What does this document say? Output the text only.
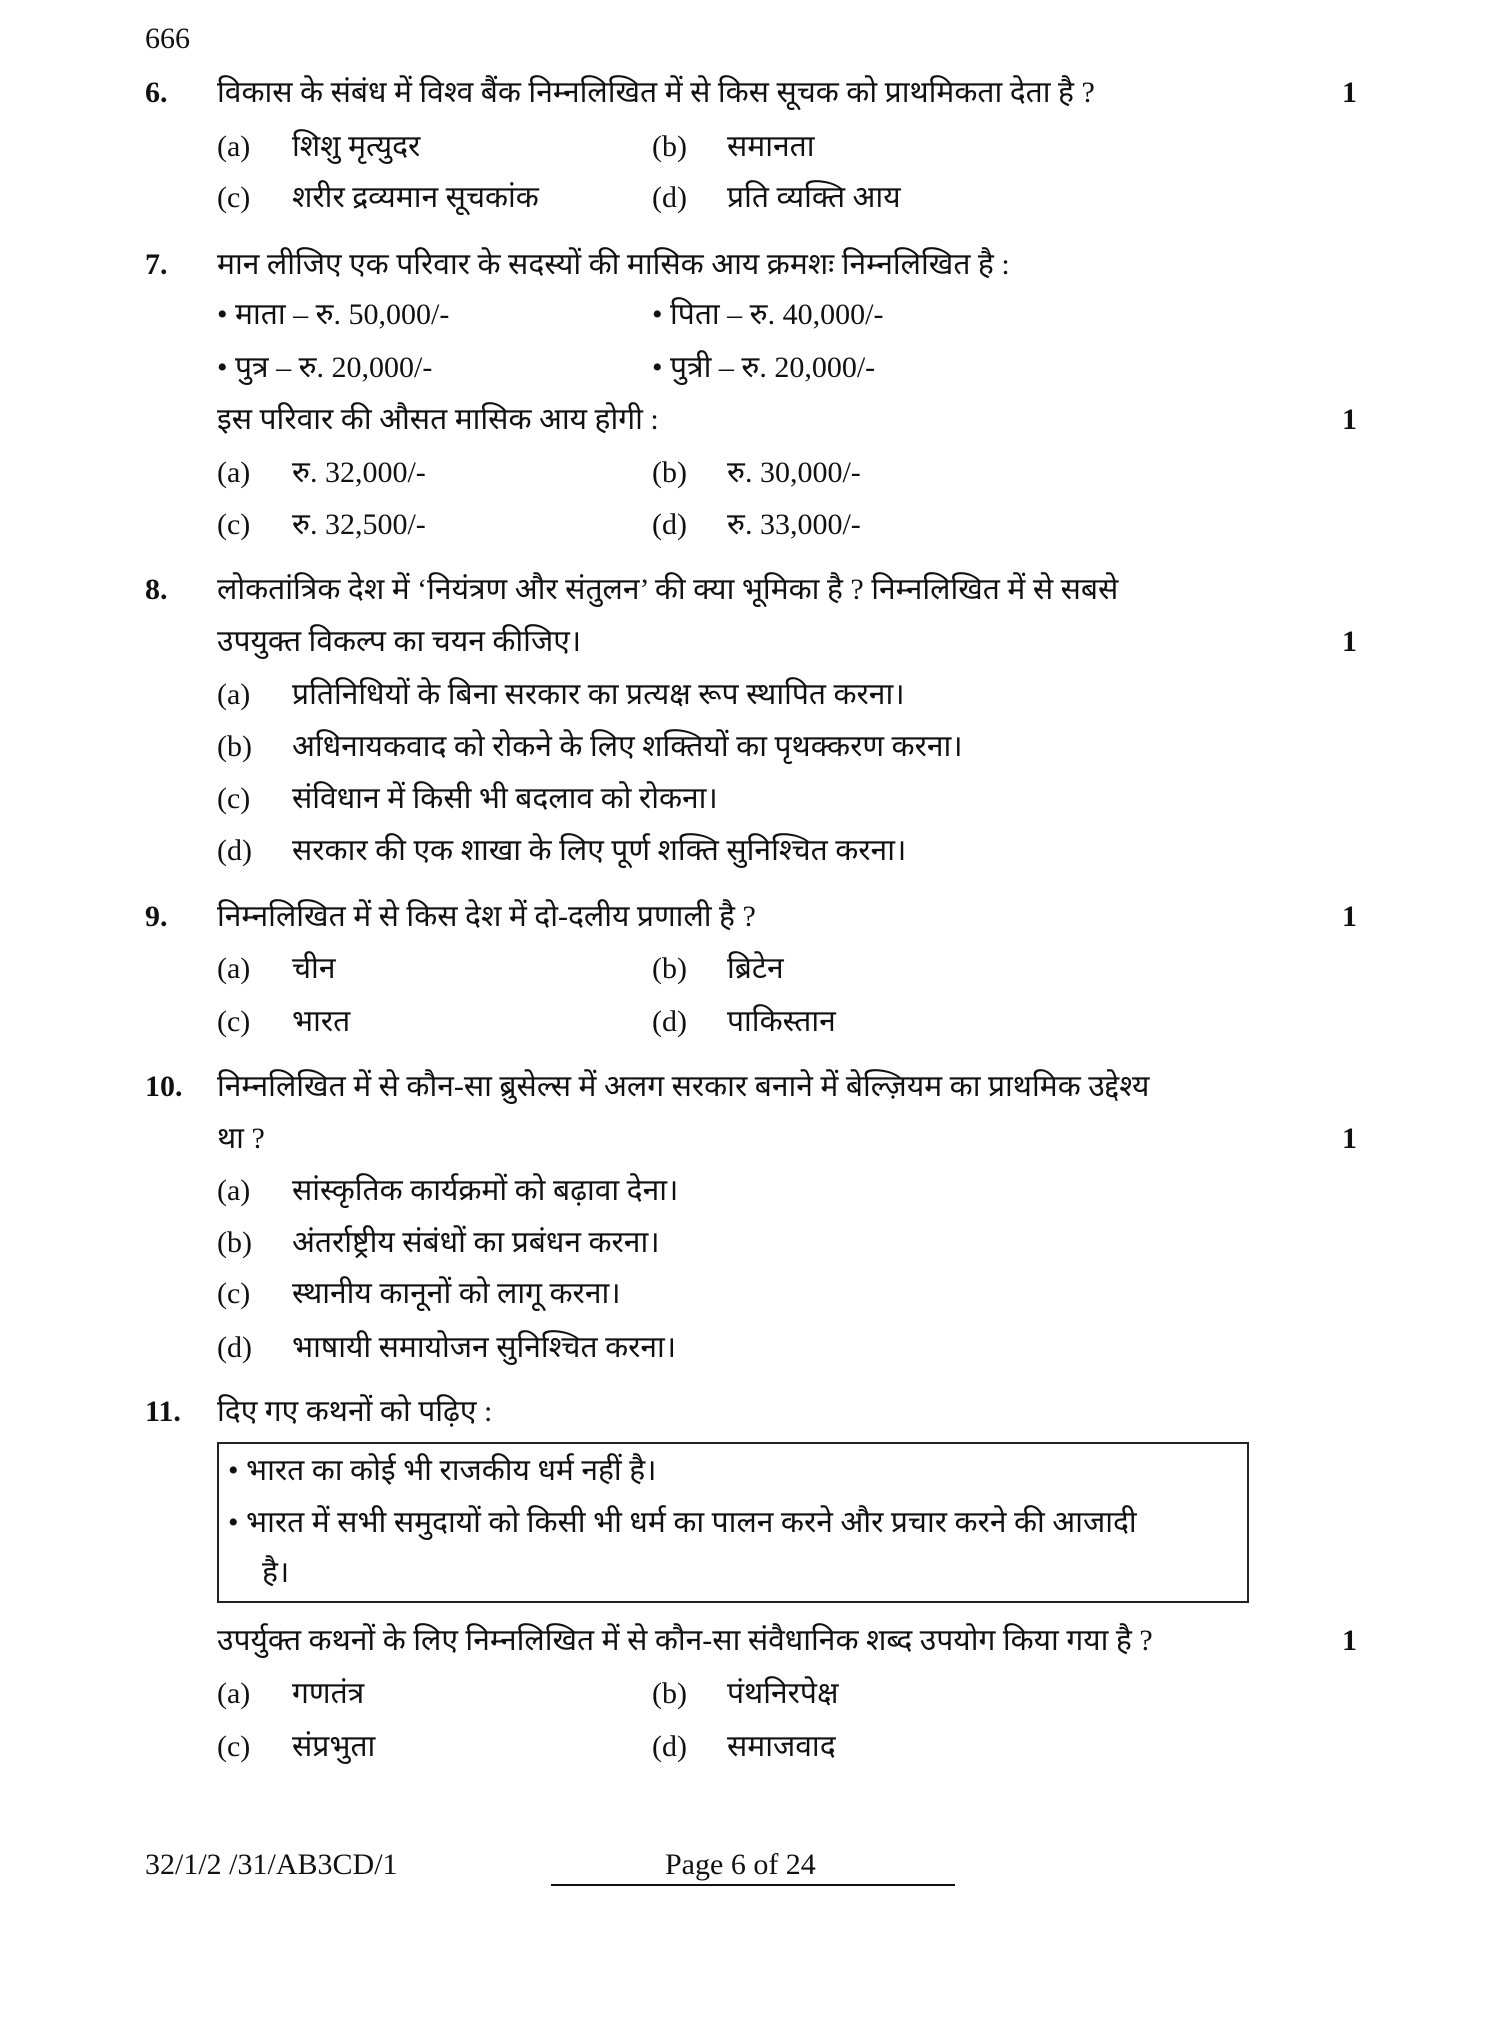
666
6. विकास के संबंध में विश्व बैंक निम्नलिखित में से किस सूचक को प्राथमिकता देता है ?	1
(a) शिशु मृत्युदर	(b) समानता
(c) शरीर द्रव्यमान सूचकांक	(d) प्रति व्यक्ति आय
7. मान लीजिए एक परिवार के सदस्यों की मासिक आय क्रमशः निम्नलिखित है :
• माता – रु. 50,000/-	• पिता – रु. 40,000/-
• पुत्र – रु. 20,000/-	• पुत्री – रु. 20,000/-
इस परिवार की औसत मासिक आय होगी :	1
(a) रु. 32,000/-	(b) रु. 30,000/-
(c) रु. 32,500/-	(d) रु. 33,000/-
8. लोकतांत्रिक देश में ‘नियंत्रण और संतुलन’ की क्या भूमिका है ? निम्नलिखित में से सबसे
उपयुक्त विकल्प का चयन कीजिए।	1
(a) प्रतिनिधियों के बिना सरकार का प्रत्यक्ष रूप स्थापित करना।
(b) अधिनायकवाद को रोकने के लिए शक्तियों का पृथक्करण करना।
(c) संविधान में किसी भी बदलाव को रोकना।
(d) सरकार की एक शाखा के लिए पूर्ण शक्ति सुनिश्चित करना।
9. निम्नलिखित में से किस देश में दो-दलीय प्रणाली है ?	1
(a) चीन	(b) ब्रिटेन
(c) भारत	(d) पाकिस्तान
10. निम्नलिखित में से कौन-सा ब्रुसेल्स में अलग सरकार बनाने में बेल्ज़ियम का प्राथमिक उद्देश्य
था ?	1
(a) सांस्कृतिक कार्यक्रमों को बढ़ावा देना।
(b) अंतर्राष्ट्रीय संबंधों का प्रबंधन करना।
(c) स्थानीय कानूनों को लागू करना।
(d) भाषायी समायोजन सुनिश्चित करना।
11. दिए गए कथनों को पढ़िए :
• भारत का कोई भी राजकीय धर्म नहीं है।
• भारत में सभी समुदायों को किसी भी धर्म का पालन करने और प्रचार करने की आजादी
है।
उपर्युक्त कथनों के लिए निम्नलिखित में से कौन-सा संवैधानिक शब्द उपयोग किया गया है ?	1
(a) गणतंत्र	(b) पंथनिरपेक्ष
(c) संप्रभुता	(d) समाजवाद
32/1/2 /31/AB3CD/1	Page 6 of 24
